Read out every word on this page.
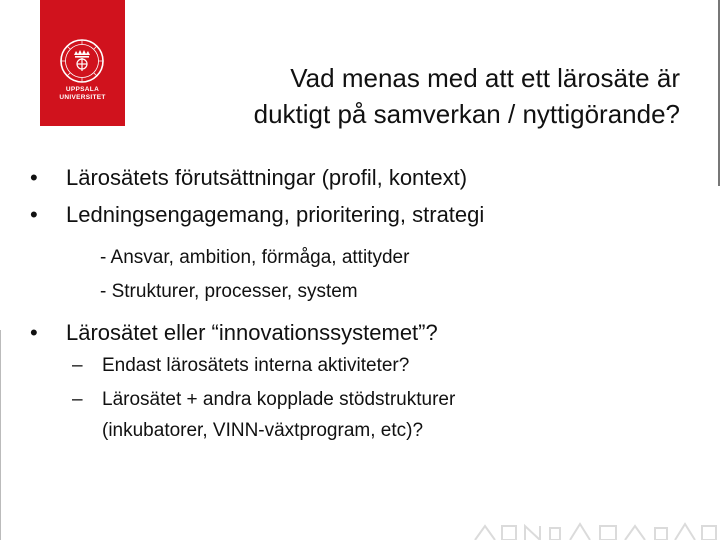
UPPSALA
UNIVERSITET
Vad menas med att ett lärosäte är
duktigt på samverkan / nyttigörande?
• Lärosätets förutsättningar (profil, kontext)
• Ledningsengagemang, prioritering, strategi
- Ansvar, ambition, förmåga, attityder
- Strukturer, processer, system
• Lärosätet eller “innovationssystemet”?
– Endast lärosätets interna aktiviteter?
– Lärosätet + andra kopplade stödstrukturer
(inkubatorer, VINN-växtprogram, etc)?
